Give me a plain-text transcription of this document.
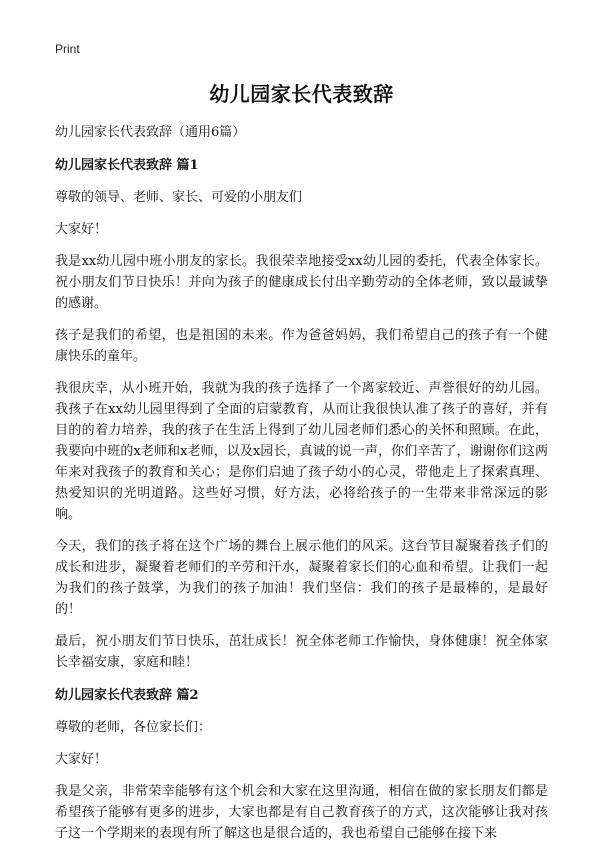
Print
幼儿园家长代表致辞
幼儿园家长代表致辞（通用6篇）
幼儿园家长代表致辞 篇1

尊敬的领导、老师、家长、可爱的小朋友们

大家好！

我是xx幼儿园中班小朋友的家长。我很荣幸地接受xx幼儿园的委托，代表全体家长。祝小朋友们节日快乐！并向为孩子的健康成长付出辛勤劳动的全体老师，致以最诚挚的感谢。

孩子是我们的希望，也是祖国的未来。作为爸爸妈妈，我们希望自己的孩子有一个健康快乐的童年。

我很庆幸，从小班开始，我就为我的孩子选择了一个离家较近、声誉很好的幼儿园。我孩子在xx幼儿园里得到了全面的启蒙教育，从而让我很快认准了孩子的喜好，并有目的的着力培养，我的孩子在生活上得到了幼儿园老师们悉心的关怀和照顾。在此，我要向中班的x老师和x老师，以及x园长，真诚的说一声，你们辛苦了，谢谢你们这两年来对我孩子的教育和关心；是你们启迪了孩子幼小的心灵，带他走上了探索真理、热爱知识的光明道路。这些好习惯，好方法，必将给孩子的一生带来非常深远的影响。

今天，我们的孩子将在这个广场的舞台上展示他们的风采。这台节目凝聚着孩子们的成长和进步，凝聚着老师们的辛劳和汗水，凝聚着家长们的心血和希望。让我们一起为我们的孩子鼓掌，为我们的孩子加油！我们坚信：我们的孩子是最棒的，是最好的！

最后，祝小朋友们节日快乐，茁壮成长！祝全体老师工作愉快，身体健康！祝全体家长幸福安康，家庭和睦！

幼儿园家长代表致辞 篇2

尊敬的老师，各位家长们：

大家好！

我是父亲，非常荣幸能够有这个机会和大家在这里沟通，相信在做的家长朋友们都是希望孩子能够有更多的进步，大家也都是有自己教育孩子的方式，这次能够让我对孩子这一个学期来的表现有所了解这也是很合适的，我也希望自己能够在接下来
